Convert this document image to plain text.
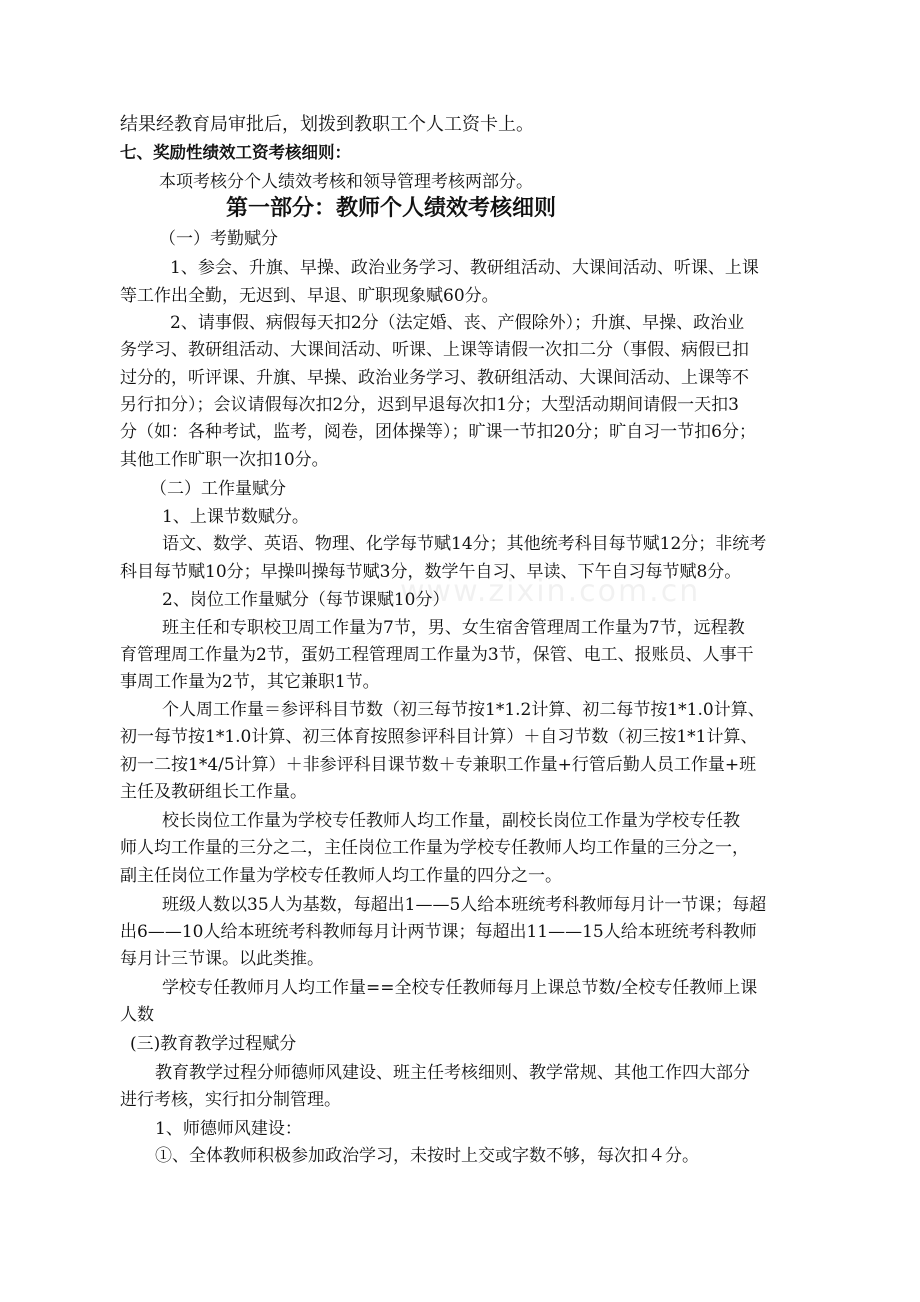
结果经教育局审批后，划拨到教职工个人工资卡上。
七、奖励性绩效工资考核细则：
本项考核分个人绩效考核和领导管理考核两部分。
第一部分：教师个人绩效考核细则
（一）考勤赋分
1、参会、升旗、早操、政治业务学习、教研组活动、大课间活动、听课、上课
等工作出全勤，无迟到、早退、旷职现象赋60分。
2、请事假、病假每天扣2分（法定婚、丧、产假除外）；升旗、早操、政治业
务学习、教研组活动、大课间活动、听课、上课等请假一次扣二分（事假、病假已扣
过分的，听评课、升旗、早操、政治业务学习、教研组活动、大课间活动、上课等不
另行扣分）；会议请假每次扣2分，迟到早退每次扣1分；大型活动期间请假一天扣3
分（如：各种考试，监考，阅卷，团体操等）；旷课一节扣20分；旷自习一节扣6分；
其他工作旷职一次扣10分。
（二）工作量赋分
1、上课节数赋分。
语文、数学、英语、物理、化学每节赋14分；其他统考科目每节赋12分；非统考
科目每节赋10分；早操叫操每节赋3分，数学午自习、早读、下午自习每节赋8分。
2、岗位工作量赋分（每节课赋10分）
班主任和专职校卫周工作量为7节，男、女生宿舍管理周工作量为7节，远程教
育管理周工作量为2节，蛋奶工程管理周工作量为3节，保管、电工、报账员、人事干
事周工作量为2节，其它兼职1节。
个人周工作量＝参评科目节数（初三每节按1*1.2计算、初二每节按1*1.0计算、
初一每节按1*1.0计算、初三体育按照参评科目计算）＋自习节数（初三按1*1计算、
初一二按1*4/5计算）＋非参评科目课节数＋专兼职工作量+行管后勤人员工作量+班
主任及教研组长工作量。
校长岗位工作量为学校专任教师人均工作量，副校长岗位工作量为学校专任教
师人均工作量的三分之二，主任岗位工作量为学校专任教师人均工作量的三分之一，
副主任岗位工作量为学校专任教师人均工作量的四分之一。
班级人数以35人为基数，每超出1——5人给本班统考科教师每月计一节课；每超
出6——10人给本班统考科教师每月计两节课；每超出11——15人给本班统考科教师
每月计三节课。以此类推。
学校专任教师月人均工作量==全校专任教师每月上课总节数/全校专任教师上课
人数
(三)教育教学过程赋分
教育教学过程分师德师风建设、班主任考核细则、教学常规、其他工作四大部分
进行考核，实行扣分制管理。
1、师德师风建设：
①、全体教师积极参加政治学习，未按时上交或字数不够，每次扣４分。
www.zixin.com.cn
